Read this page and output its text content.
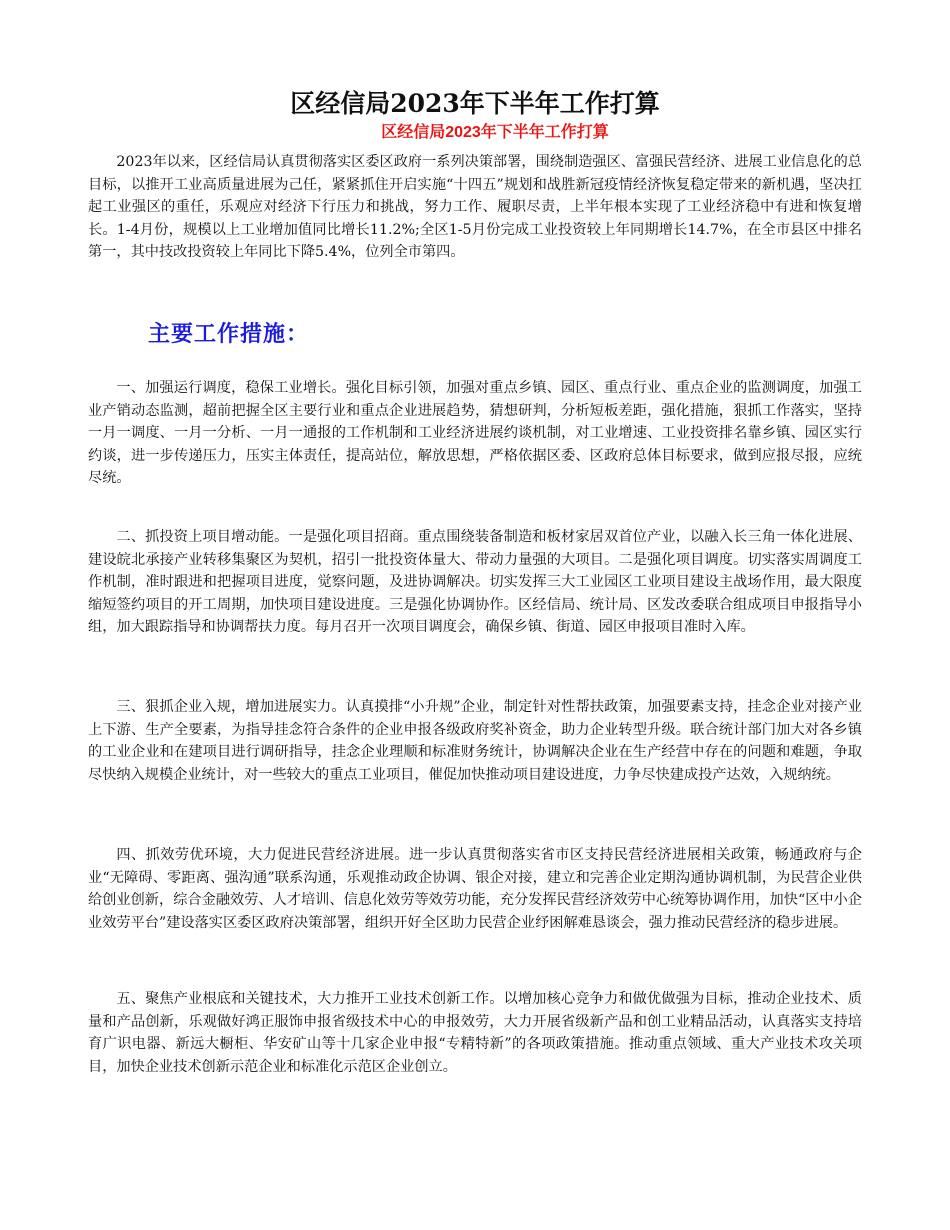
区经信局2023年下半年工作打算
区经信局2023年下半年工作打算

2023年以来，区经信局认真贯彻落实区委区政府一系列决策部署，围绕制造强区、富强民营经济、进展工业信息化的总目标，以推开工业高质量进展为己任，紧紧抓住开启实施“十四五”规划和战胜新冠疫情经济恢复稳定带来的新机遇，坚决扛起工业强区的重任，乐观应对经济下行压力和挑战，努力工作、履职尽责，上半年根本实现了工业经济稳中有进和恢复增长。1-4月份，规模以上工业增加值同比增长11.2%;全区1-5月份完成工业投资较上年同期增长14.7%，在全市县区中排名第一，其中技改投资较上年同比下降5.4%，位列全市第四。

主要工作措施：

一、加强运行调度，稳保工业增长。强化目标引领，加强对重点乡镇、园区、重点行业、重点企业的监测调度，加强工业产销动态监测，超前把握全区主要行业和重点企业进展趋势，猜想研判，分析短板差距，强化措施，狠抓工作落实，坚持一月一调度、一月一分析、一月一通报的工作机制和工业经济进展约谈机制，对工业增速、工业投资排名靠乡镇、园区实行约谈，进一步传递压力，压实主体责任，提高站位，解放思想，严格依据区委、区政府总体目标要求，做到应报尽报，应统尽统。

二、抓投资上项目增动能。一是强化项目招商。重点围绕装备制造和板材家居双首位产业，以融入长三角一体化进展、建设皖北承接产业转移集聚区为契机，招引一批投资体量大、带动力量强的大项目。二是强化项目调度。切实落实周调度工作机制，准时跟进和把握项目进度，觉察问题，及进协调解决。切实发挥三大工业园区工业项目建设主战场作用，最大限度缩短签约项目的开工周期，加快项目建设进度。三是强化协调协作。区经信局、统计局、区发改委联合组成项目申报指导小组，加大跟踪指导和协调帮扶力度。每月召开一次项目调度会，确保乡镇、街道、园区申报项目准时入库。

三、狠抓企业入规，增加进展实力。认真摸排“小升规”企业，制定针对性帮扶政策，加强要素支持，挂念企业对接产业上下游、生产全要素，为指导挂念符合条件的企业申报各级政府奖补资金，助力企业转型升级。联合统计部门加大对各乡镇的工业企业和在建项目进行调研指导，挂念企业理顺和标准财务统计，协调解决企业在生产经营中存在的问题和难题，争取尽快纳入规模企业统计，对一些较大的重点工业项目，催促加快推动项目建设进度，力争尽快建成投产达效，入规纳统。

四、抓效劳优环境，大力促进民营经济进展。进一步认真贯彻落实省市区支持民营经济进展相关政策，畅通政府与企业“无障碍、零距离、强沟通”联系沟通，乐观推动政企协调、银企对接，建立和完善企业定期沟通协调机制，为民营企业供给创业创新，综合金融效劳、人才培训、信息化效劳等效劳功能，充分发挥民营经济效劳中心统筹协调作用，加快“区中小企业效劳平台”建设落实区委区政府决策部署，组织开好全区助力民营企业纾困解难恳谈会，强力推动民营经济的稳步进展。

五、聚焦产业根底和关键技术，大力推开工业技术创新工作。以增加核心竞争力和做优做强为目标，推动企业技术、质量和产品创新，乐观做好鸿正服饰申报省级技术中心的申报效劳，大力开展省级新产品和创工业精品活动，认真落实支持培育广识电器、新远大橱柜、华安矿山等十几家企业申报“专精特新”的各项政策措施。推动重点领域、重大产业技术攻关项目，加快企业技术创新示范企业和标准化示范区企业创立。
